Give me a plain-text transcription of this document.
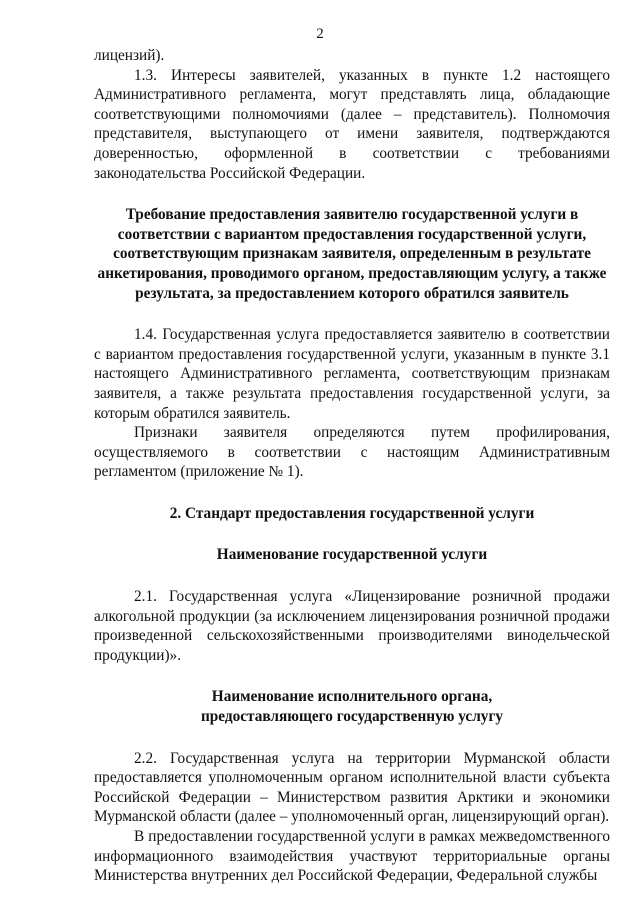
2

лицензий).

1.3. Интересы заявителей, указанных в пункте 1.2 настоящего Административного регламента, могут представлять лица, обладающие соответствующими полномочиями (далее – представитель). Полномочия представителя, выступающего от имени заявителя, подтверждаются доверенностью, оформленной в соответствии с требованиями законодательства Российской Федерации.

Требование предоставления заявителю государственной услуги в соответствии с вариантом предоставления государственной услуги, соответствующим признакам заявителя, определенным в результате анкетирования, проводимого органом, предоставляющим услугу, а также результата, за предоставлением которого обратился заявитель

1.4. Государственная услуга предоставляется заявителю в соответствии с вариантом предоставления государственной услуги, указанным в пункте 3.1 настоящего Административного регламента, соответствующим признакам заявителя, а также результата предоставления государственной услуги, за которым обратился заявитель.

Признаки заявителя определяются путем профилирования, осуществляемого в соответствии с настоящим Административным регламентом (приложение № 1).

2. Стандарт предоставления государственной услуги
Наименование государственной услуги

2.1. Государственная услуга «Лицензирование розничной продажи алкогольной продукции (за исключением лицензирования розничной продажи произведенной сельскохозяйственными производителями винодельческой продукции)».

Наименование исполнительного органа,
предоставляющего государственную услугу

2.2. Государственная услуга на территории Мурманской области предоставляется уполномоченным органом исполнительной власти субъекта Российской Федерации – Министерством развития Арктики и экономики Мурманской области (далее – уполномоченный орган, лицензирующий орган).

В предоставлении государственной услуги в рамках межведомственного информационного взаимодействия участвуют территориальные органы Министерства внутренних дел Российской Федерации, Федеральной службы
